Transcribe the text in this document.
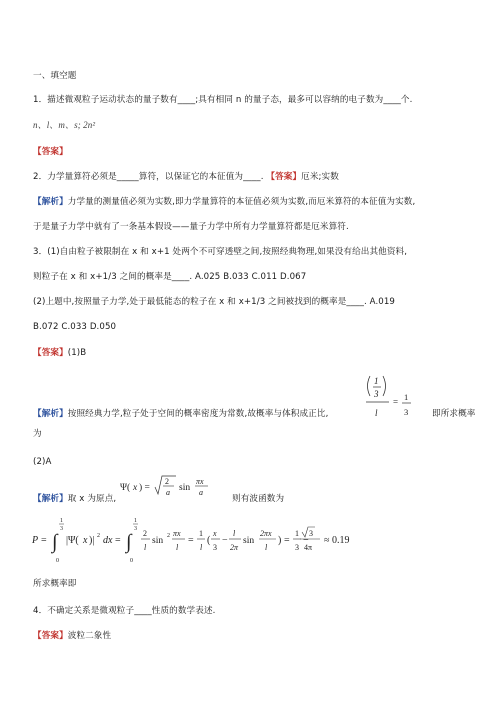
一、填空题
1．描述微观粒子运动状态的量子数有____;具有相同 n 的量子态，最多可以容纳的电子数为____个.
n、l、m、s; 2n²
【答案】
2．力学量算符必须是_____算符，以保证它的本征值为____. 【答案】厄米;实数
【解析】力学量的测量值必须为实数,即力学量算符的本征值必须为实数,而厄米算符的本征值为实数,
于是量子力学中就有了一条基本假设——量子力学中所有力学量算符都是厄米算符.
3．(1)自由粒子被限制在 x 和 x+1 处两个不可穿透壁之间,按照经典物理,如果没有给出其他资料,
则粒子在 x 和 x+1/3 之间的概率是____. A.025 B.033 C.011 D.067
(2)上题中,按照量子力学,处于最低能态的粒子在 x 和 x+1/3 之间被找到的概率是____. A.019
B.072 C.033 D.050
【答案】(1)B
1
3
l
= 1
3
【解析】按照经典力学,粒子处于空间的概率密度为常数,故概率与体积成正比,	即所求概率
为
(2)A
Ψ( x ) =
2
a sin
πx
a
【解析】取 x 为原点,	则有波函数为
P = ∫
1
3
0
|Ψ( x )| 2 dx = ∫
1
3
0
2
l
sin 2 πx
l
=
1
l
(
x
3
−
l
2π
sin
2πx
l
) =
1
3
−
3
4π
≈ 0.19
所求概率即
4．不确定关系是微观粒子____性质的数学表述.
【答案】波粒二象性
